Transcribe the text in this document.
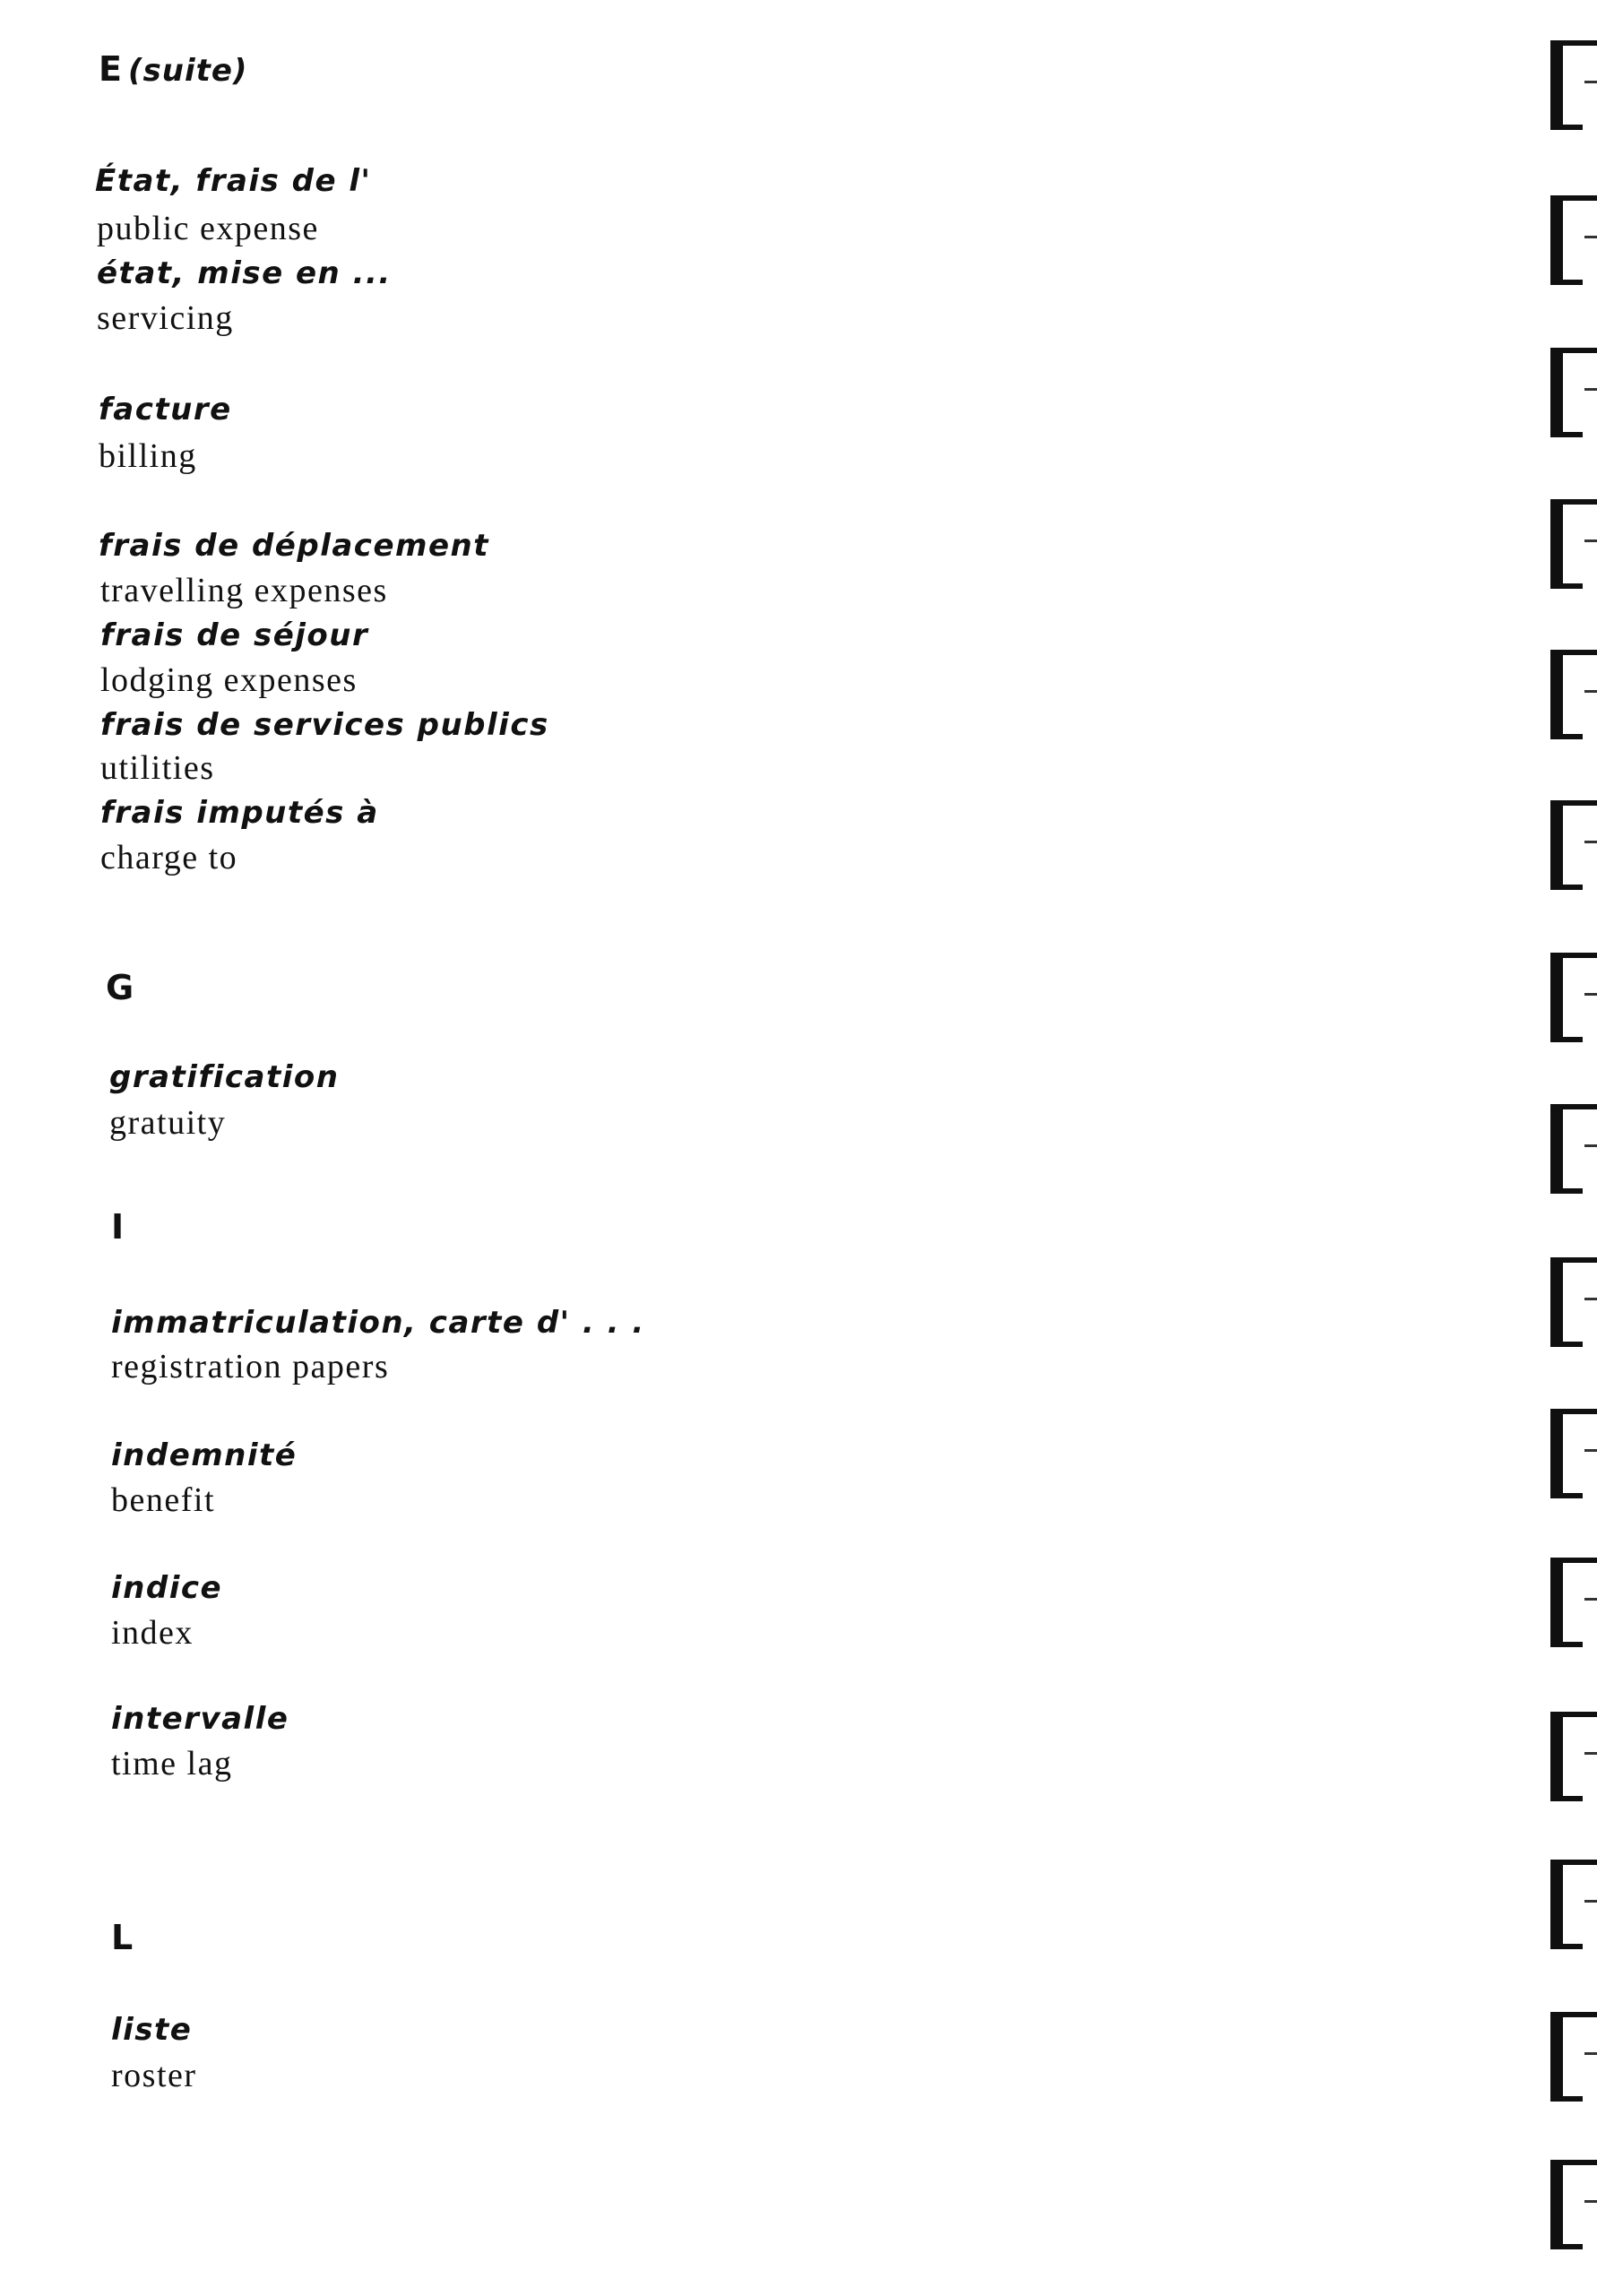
E (suite)
État, frais de l'
public expense
état, mise en ...
servicing
facture
billing
frais de déplacement
travelling expenses
frais de séjour
lodging expenses
frais de services publics
utilities
frais imputés à
charge to
G
gratification
gratuity
I
immatriculation, carte d' . . .
registration papers
indemnité
benefit
indice
index
intervalle
time lag
L
liste
roster
